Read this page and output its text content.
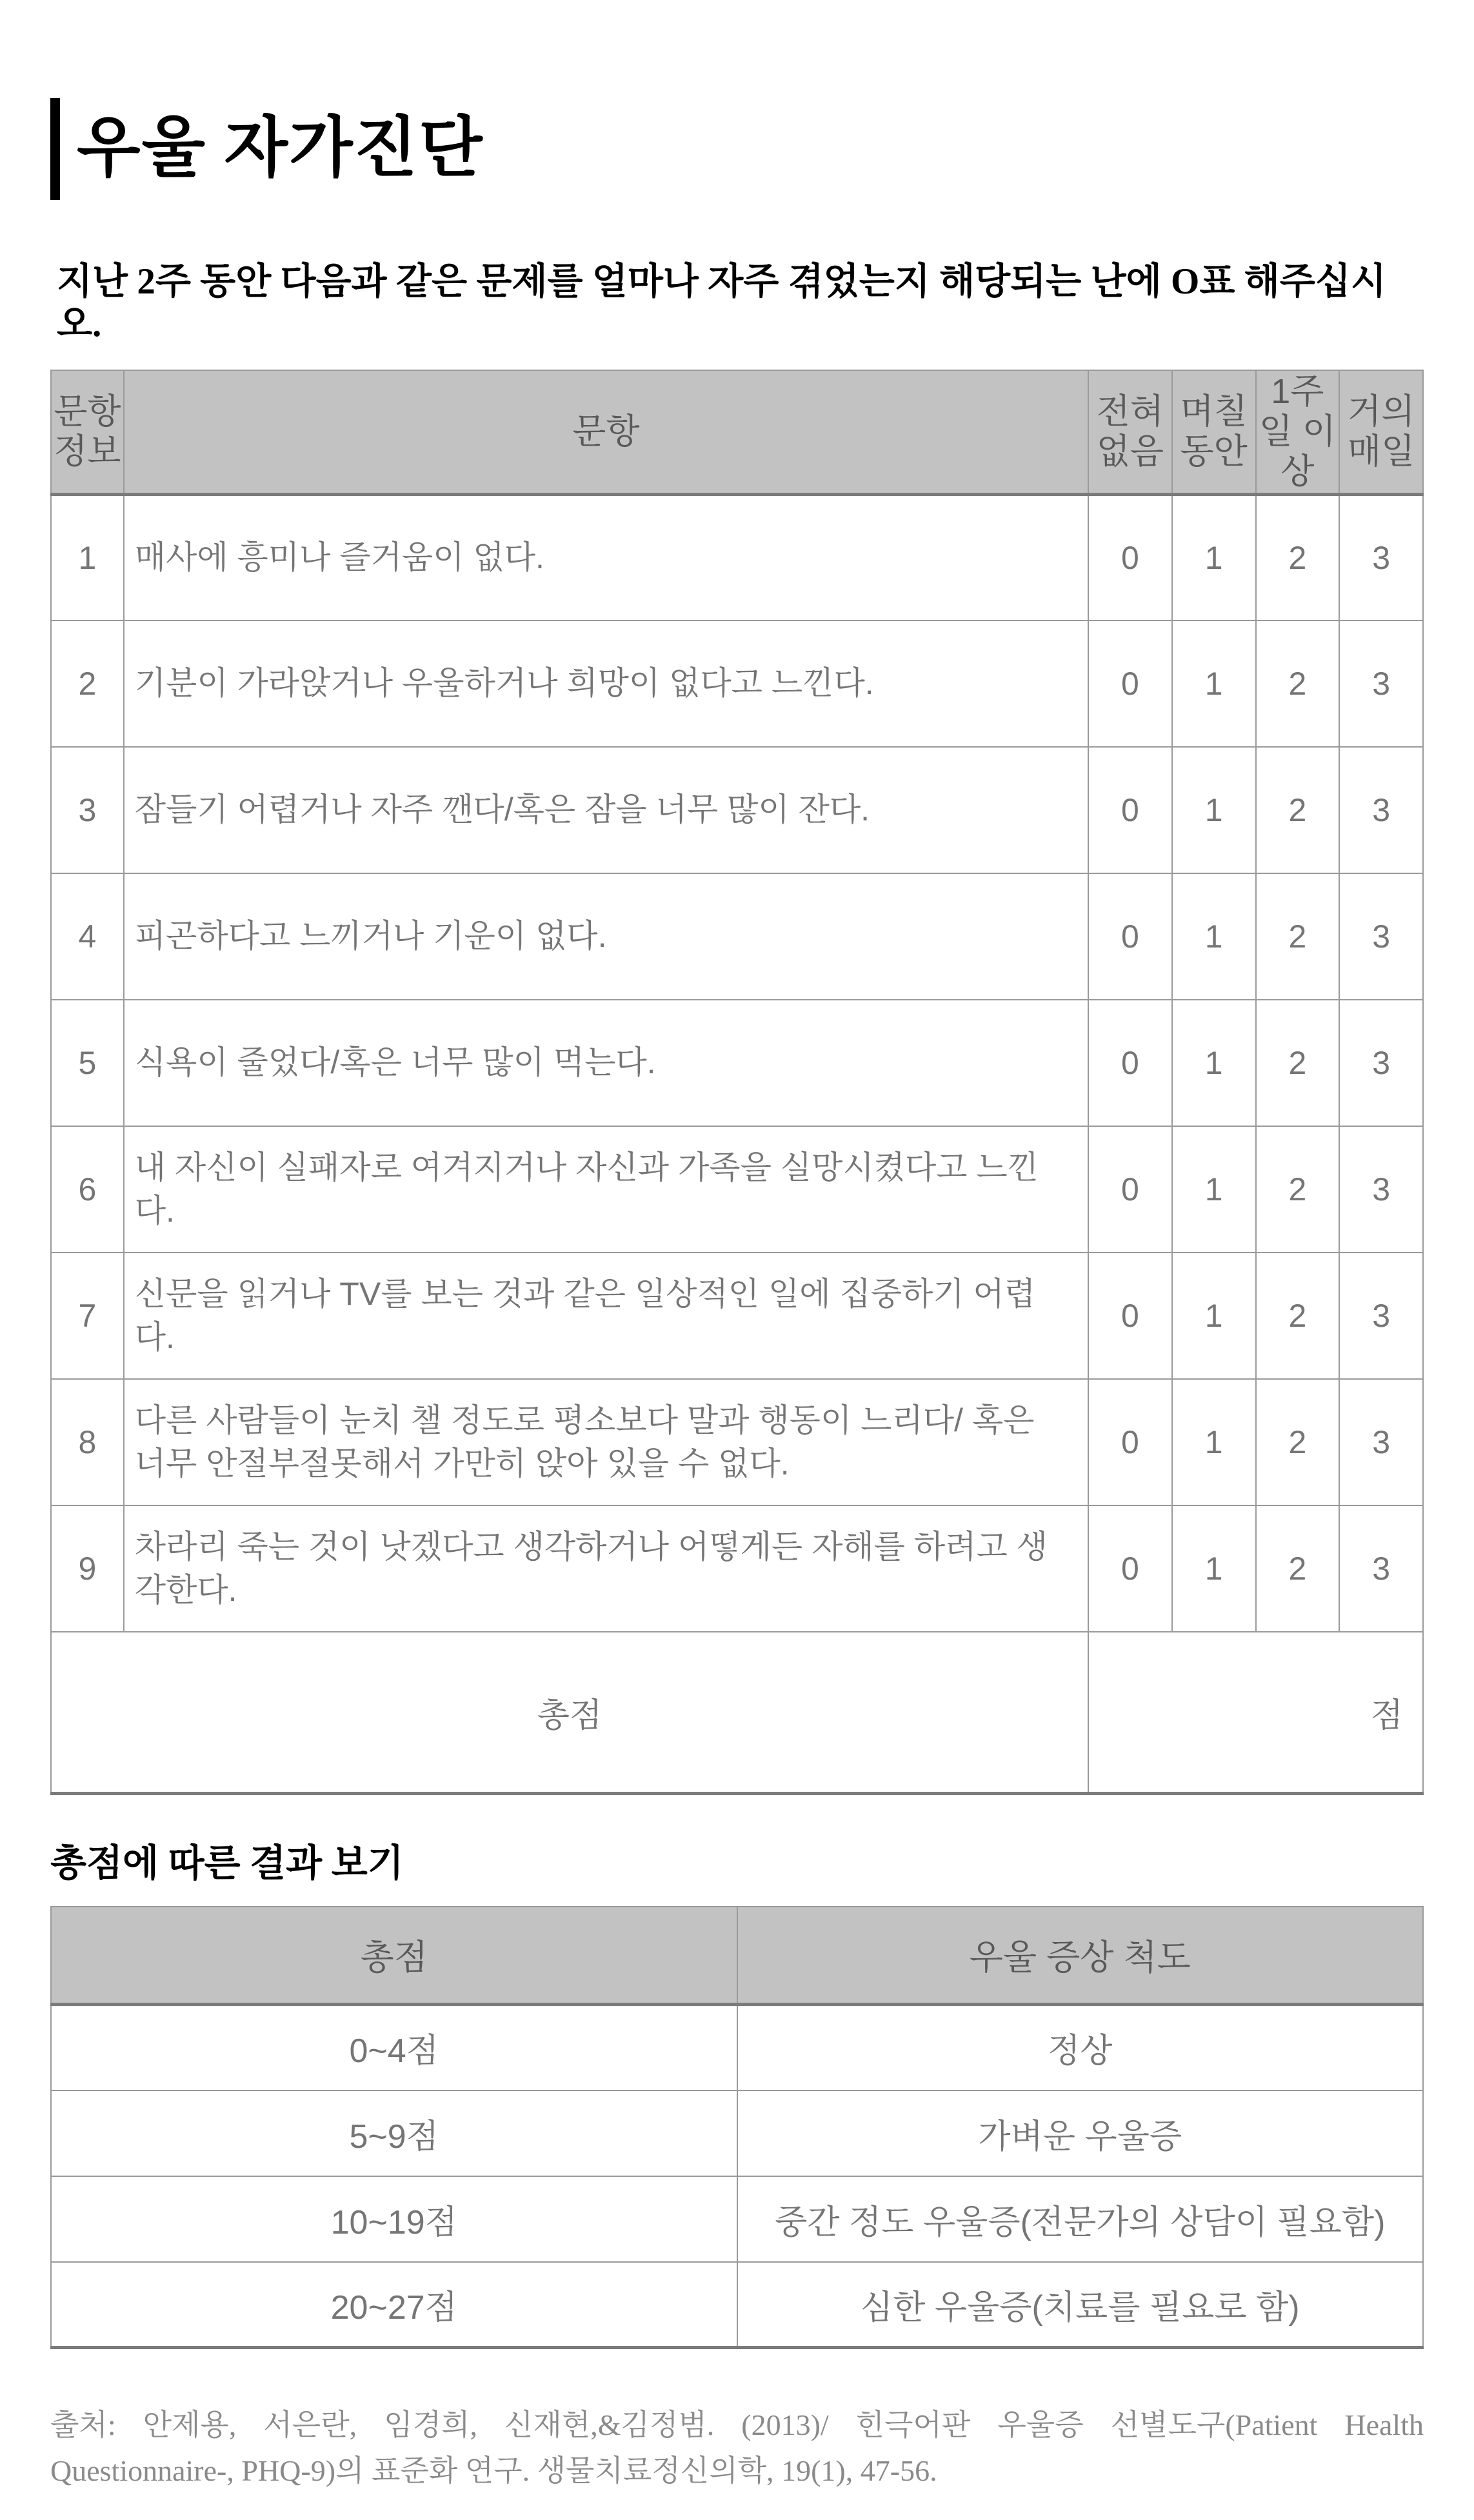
우울 자가진단

지난 2주 동안 다음과 같은 문제를 얼마나 자주 겪었는지 해당되는 난에 O표 해주십시오.

문항 정보	문항	전혀 없음	며칠 동안	1주일 이상	거의 매일
1	매사에 흥미나 즐거움이 없다.	0	1	2	3
2	기분이 가라앉거나 우울하거나 희망이 없다고 느낀다.	0	1	2	3
3	잠들기 어렵거나 자주 깬다/혹은 잠을 너무 많이 잔다.	0	1	2	3
4	피곤하다고 느끼거나 기운이 없다.	0	1	2	3
5	식욕이 줄었다/혹은 너무 많이 먹는다.	0	1	2	3
6	내 자신이 실패자로 여겨지거나 자신과 가족을 실망시켰다고 느낀다.	0	1	2	3
7	신문을 읽거나 TV를 보는 것과 같은 일상적인 일에 집중하기 어렵다.	0	1	2	3
8	다른 사람들이 눈치 챌 정도로 평소보다 말과 행동이 느리다/ 혹은 너무 안절부절못해서 가만히 앉아 있을 수 없다.	0	1	2	3
9	차라리 죽는 것이 낫겠다고 생각하거나 어떻게든 자해를 하려고 생각한다.	0	1	2	3
총점		점			
총점에 따른 결과 보기
총점	우울 증상 척도
0~4점	정상
5~9점	가벼운 우울증
10~19점	중간 정도 우울증(전문가의 상담이 필요함)
20~27점	심한 우울증(치료를 필요로 함)

출처: 안제용, 서은란, 임경희, 신재현,&김정범. (2013)/ 힌극어판 우울증 선별도구(Patient Health Questionnaire-, PHQ-9)의 표준화 연구. 생물치료정신의학, 19(1), 47-56.
